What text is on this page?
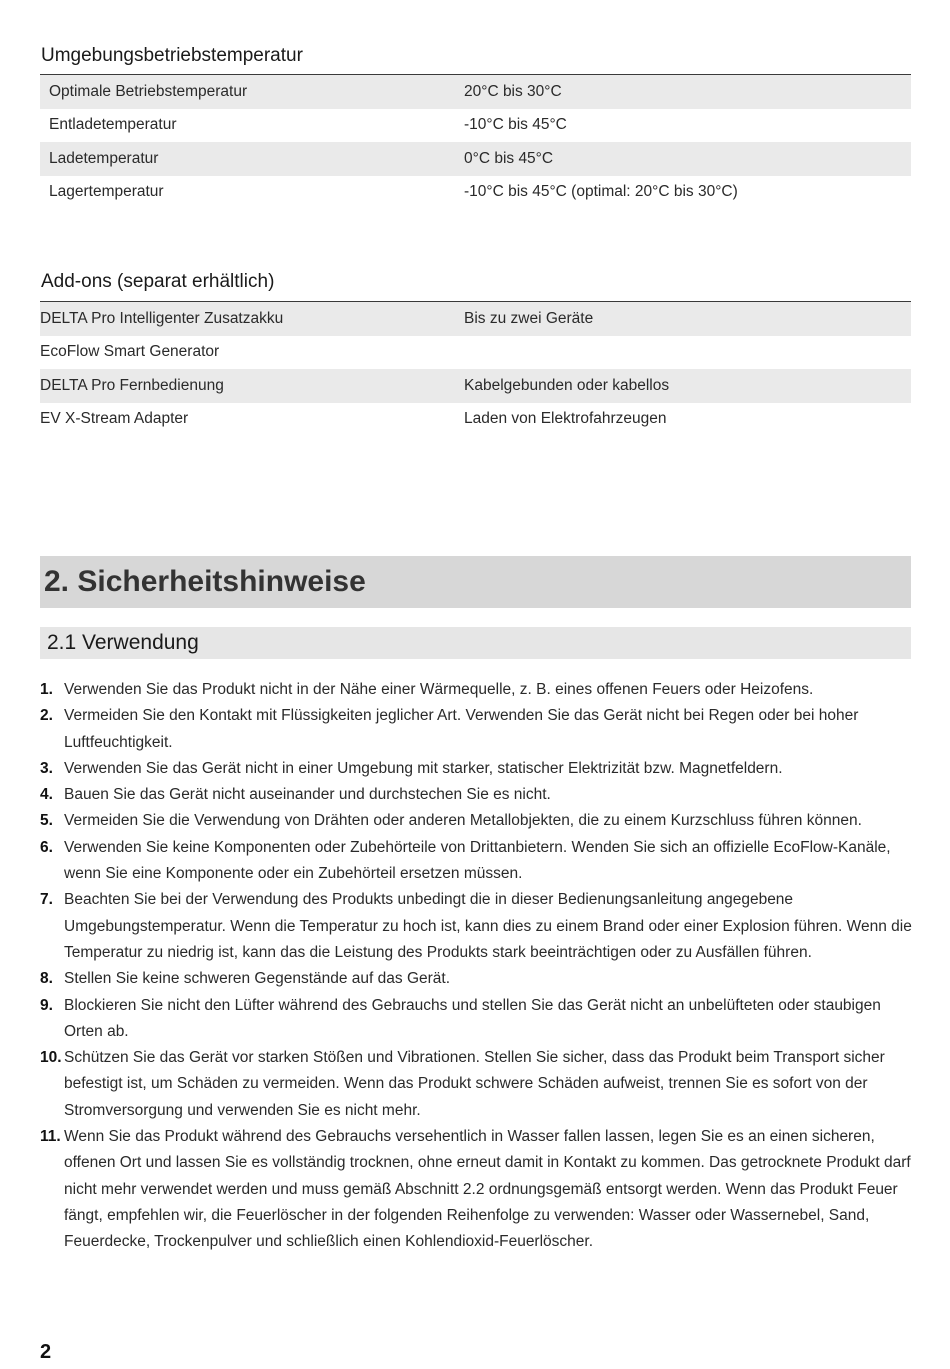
Umgebungsbetriebstemperatur
Optimale Betriebstemperatur	20°C bis 30°C
Entladetemperatur	-10°C bis 45°C
Ladetemperatur	0°C bis 45°C
Lagertemperatur	-10°C bis 45°C (optimal: 20°C bis 30°C)
Add-ons (separat erhältlich)
DELTA Pro Intelligenter Zusatzakku	Bis zu zwei Geräte
EcoFlow Smart Generator
DELTA Pro Fernbedienung	Kabelgebunden oder kabellos
EV X-Stream Adapter	Laden von Elektrofahrzeugen
2. Sicherheitshinweise
2.1 Verwendung
1. Verwenden Sie das Produkt nicht in der Nähe einer Wärmequelle, z. B. eines offenen Feuers oder Heizofens.
2. Vermeiden Sie den Kontakt mit Flüssigkeiten jeglicher Art. Verwenden Sie das Gerät nicht bei Regen oder bei hoher Luftfeuchtigkeit.
3. Verwenden Sie das Gerät nicht in einer Umgebung mit starker, statischer Elektrizität bzw. Magnetfeldern.
4. Bauen Sie das Gerät nicht auseinander und durchstechen Sie es nicht.
5. Vermeiden Sie die Verwendung von Drähten oder anderen Metallobjekten, die zu einem Kurzschluss führen können.
6. Verwenden Sie keine Komponenten oder Zubehörteile von Drittanbietern. Wenden Sie sich an offizielle EcoFlow-Kanäle, wenn Sie eine Komponente oder ein Zubehörteil ersetzen müssen.
7. Beachten Sie bei der Verwendung des Produkts unbedingt die in dieser Bedienungsanleitung angegebene Umgebungstemperatur. Wenn die Temperatur zu hoch ist, kann dies zu einem Brand oder einer Explosion führen. Wenn die Temperatur zu niedrig ist, kann das die Leistung des Produkts stark beeinträchtigen oder zu Ausfällen führen.
8. Stellen Sie keine schweren Gegenstände auf das Gerät.
9. Blockieren Sie nicht den Lüfter während des Gebrauchs und stellen Sie das Gerät nicht an unbelüfteten oder staubigen Orten ab.
10. Schützen Sie das Gerät vor starken Stößen und Vibrationen. Stellen Sie sicher, dass das Produkt beim Transport sicher befestigt ist, um Schäden zu vermeiden. Wenn das Produkt schwere Schäden aufweist, trennen Sie es sofort von der Stromversorgung und verwenden Sie es nicht mehr.
11. Wenn Sie das Produkt während des Gebrauchs versehentlich in Wasser fallen lassen, legen Sie es an einen sicheren, offenen Ort und lassen Sie es vollständig trocknen, ohne erneut damit in Kontakt zu kommen. Das getrocknete Produkt darf nicht mehr verwendet werden und muss gemäß Abschnitt 2.2 ordnungsgemäß entsorgt werden. Wenn das Produkt Feuer fängt, empfehlen wir, die Feuerlöscher in der folgenden Reihenfolge zu verwenden: Wasser oder Wassernebel, Sand, Feuerdecke, Trockenpulver und schließlich einen Kohlendioxid-Feuerlöscher.
2
